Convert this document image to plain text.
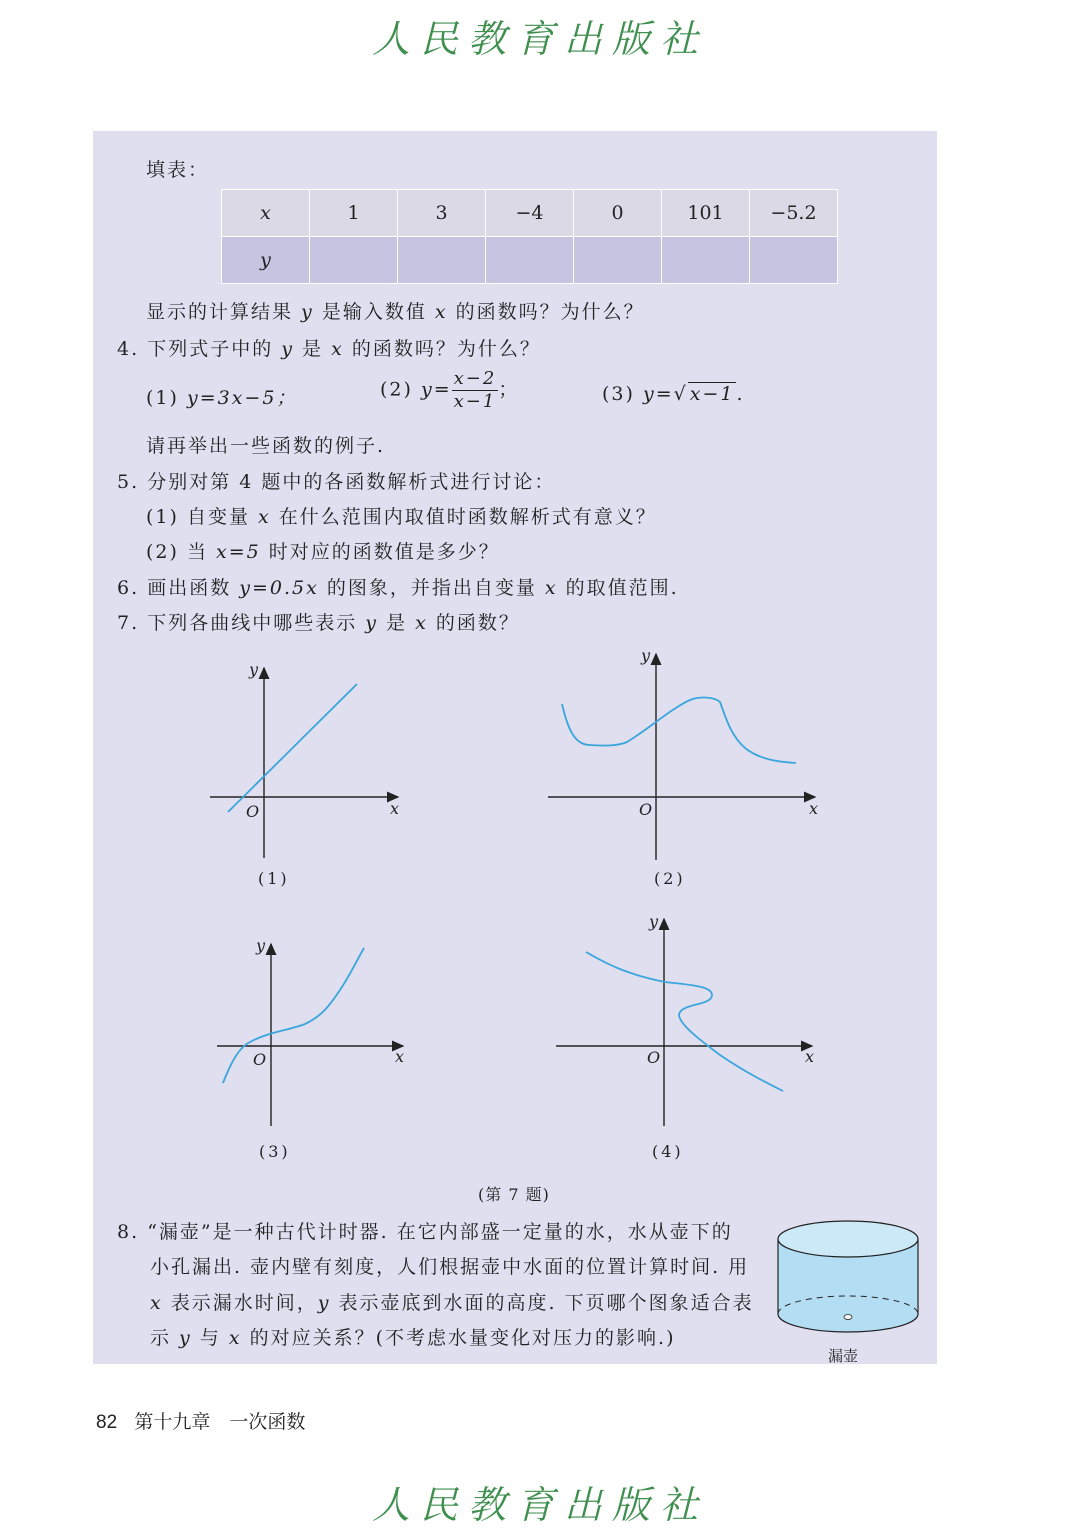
人民教育出版社
填表：
x	1	3	−4	0	101	−5.2
y						
显示的计算结果 y 是输入数值 x 的函数吗？为什么？
4. 下列式子中的 y 是 x 的函数吗？为什么？
(1) y=3x−5；	(2) $y= \frac{x-2}{x-1}$ ；	(3) y=√ x−1 .
请再举出一些函数的例子.
5. 分别对第 4 题中的各函数解析式进行讨论：
(1) 自变量 x 在什么范围内取值时函数解析式有意义？
(2) 当 x=5 时对应的函数值是多少？
6. 画出函数 y=0.5x 的图象，并指出自变量 x 的取值范围.
7. 下列各曲线中哪些表示 y 是 x 的函数？
y
x
O
(1)
y
x
O
(2)
y
x
O
(3)
y
x
O
(4)
(第 7 题)
8. “漏壶”是一种古代计时器. 在它内部盛一定量的水，水从壶下的
小孔漏出. 壶内壁有刻度，人们根据壶中水面的位置计算时间. 用
x 表示漏水时间，y 表示壶底到水面的高度. 下页哪个图象适合表
示 y 与 x 的对应关系？(不考虑水量变化对压力的影响.)
漏壶
82 第十九章　一次函数
人民教育出版社
